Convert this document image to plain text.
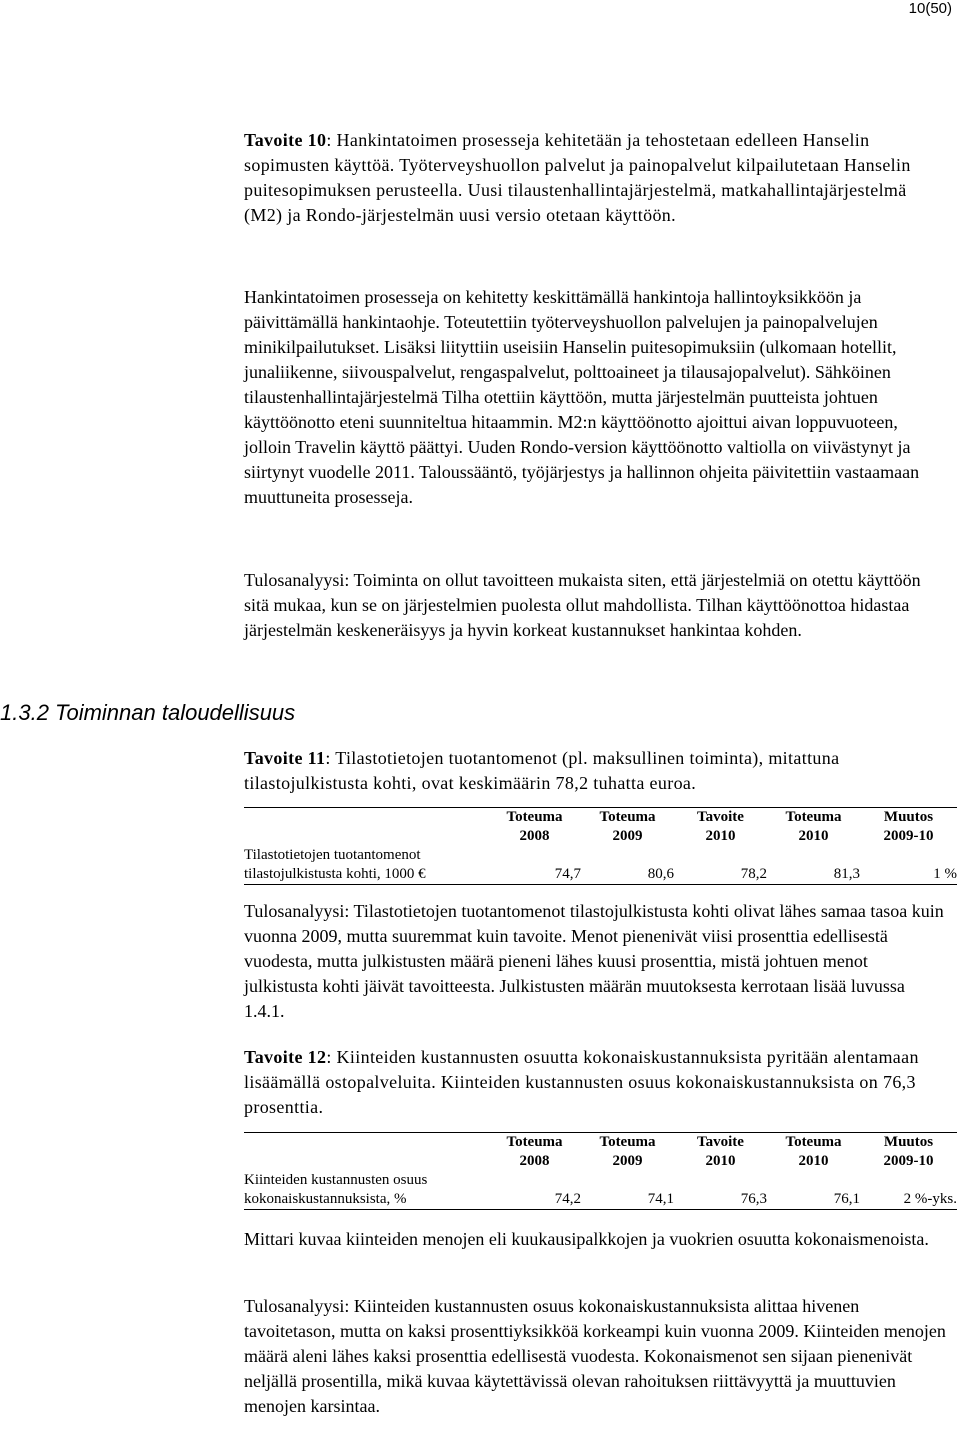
10(50)
1.3.2 Toiminnan taloudellisuus

Tavoite 10: Hankintatoimen prosesseja kehitetään ja tehostetaan edelleen Hanselin sopimusten käyttöä. Työterveyshuollon palvelut ja painopalvelut kilpailutetaan Hanselin puitesopimuksen perusteella. Uusi tilaustenhallintajärjestelmä, matkahallintajärjestelmä (M2) ja Rondo-järjestelmän uusi versio otetaan käyttöön.

Hankintatoimen prosesseja on kehitetty keskittämällä hankintoja hallintoyksikköön ja päivittämällä hankintaohje. Toteutettiin työterveyshuollon palvelujen ja painopalvelujen minikilpailutukset. Lisäksi liityttiin useisiin Hanselin puitesopimuksiin (ulkomaan hotellit, junaliikenne, siivouspalvelut, rengaspalvelut, polttoaineet ja tilausajopalvelut). Sähköinen tilaustenhallintajärjestelmä Tilha otettiin käyttöön, mutta järjestelmän puutteista johtuen käyttöönotto eteni suunniteltua hitaammin. M2:n käyttöönotto ajoittui aivan loppuvuoteen, jolloin Travelin käyttö päättyi. Uuden Rondo-version käyttöönotto valtiolla on viivästynyt ja siirtynyt vuodelle 2011. Taloussääntö, työjärjestys ja hallinnon ohjeita päivitettiin vastaamaan muuttuneita prosesseja.

Tulosanalyysi: Toiminta on ollut tavoitteen mukaista siten, että järjestelmiä on otettu käyttöön sitä mukaa, kun se on järjestelmien puolesta ollut mahdollista. Tilhan käyttöönottoa hidastaa järjestelmän keskeneräisyys ja hyvin korkeat kustannukset hankintaa kohden.

Tavoite 11: Tilastotietojen tuotantomenot (pl. maksullinen toiminta), mitattuna tilastojulkistusta kohti, ovat keskimäärin 78,2 tuhatta euroa.

	Toteuma	Toteuma	Tavoite	Toteuma	Muutos
	2008	2009	2010	2010	2009-10
Tilastotietojen tuotantomenot
tilastojulkistusta kohti, 1000 €	74,7	80,6	78,2	81,3	1 %

Tulosanalyysi: Tilastotietojen tuotantomenot tilastojulkistusta kohti olivat lähes samaa tasoa kuin vuonna 2009, mutta suuremmat kuin tavoite. Menot pienenivät viisi prosenttia edellisestä vuodesta, mutta julkistusten määrä pieneni lähes kuusi prosenttia, mistä johtuen menot julkistusta kohti jäivät tavoitteesta. Julkistusten määrän muutoksesta kerrotaan lisää luvussa 1.4.1.

Tavoite 12: Kiinteiden kustannusten osuutta kokonaiskustannuksista pyritään alentamaan lisäämällä ostopalveluita. Kiinteiden kustannusten osuus kokonaiskustannuksista on 76,3 prosenttia.

	Toteuma	Toteuma	Tavoite	Toteuma	Muutos
	2008	2009	2010	2010	2009-10
Kiinteiden kustannusten osuus
kokonaiskustannuksista, %	74,2	74,1	76,3	76,1	2 %-yks.

Mittari kuvaa kiinteiden menojen eli kuukausipalkkojen ja vuokrien osuutta kokonaismenoista.

Tulosanalyysi: Kiinteiden kustannusten osuus kokonaiskustannuksista alittaa hivenen tavoitetason, mutta on kaksi prosenttiyksikköä korkeampi kuin vuonna 2009. Kiinteiden menojen määrä aleni lähes kaksi prosenttia edellisestä vuodesta. Kokonaismenot sen sijaan pienenivät neljällä prosentilla, mikä kuvaa käytettävissä olevan rahoituksen riittävyyttä ja muuttuvien menojen karsintaa.
